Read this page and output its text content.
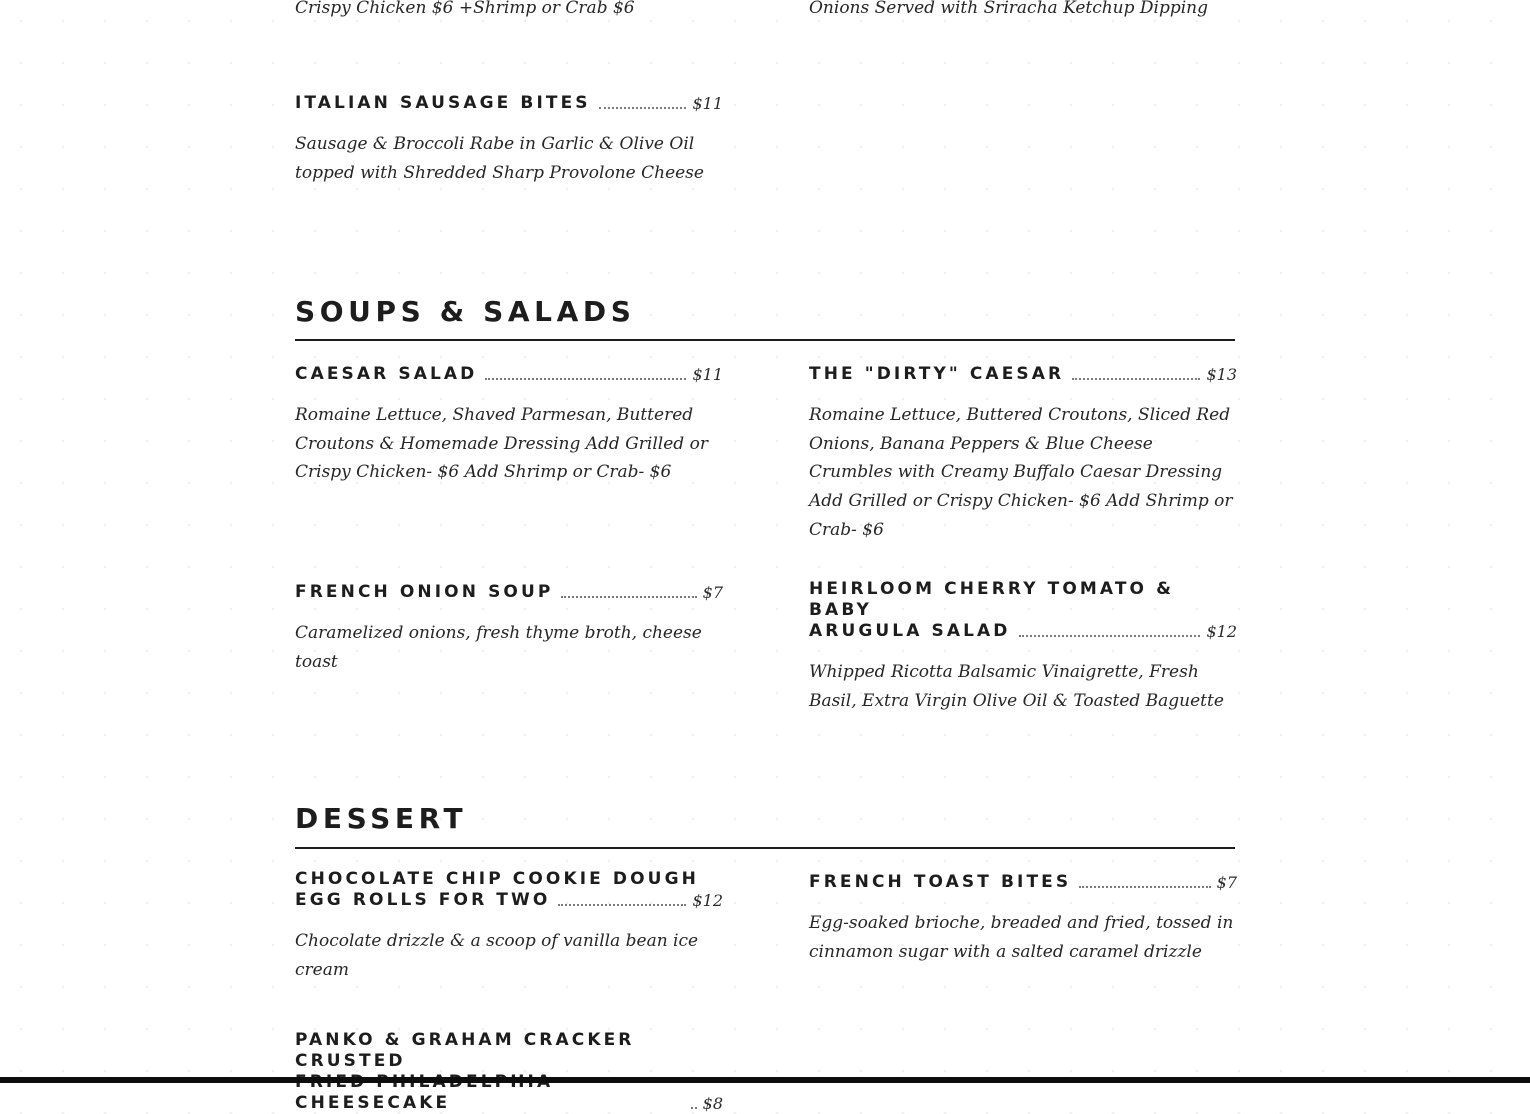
Crispy Chicken $6 +Shrimp or Crab $6	Onions Served with Sriracha Ketchup Dipping

ITALIAN SAUSAGE BITES	$11

Sausage & Broccoli Rabe in Garlic & Olive Oil topped with Shredded Sharp Provolone Cheese

SOUPS & SALADS
CAESAR SALAD	$11

Romaine Lettuce, Shaved Parmesan, Buttered Croutons & Homemade Dressing Add Grilled or Crispy Chicken- $6 Add Shrimp or Crab- $6

THE "DIRTY" CAESAR	$13

Romaine Lettuce, Buttered Croutons, Sliced Red Onions, Banana Peppers & Blue Cheese Crumbles with Creamy Buffalo Caesar Dressing Add Grilled or Crispy Chicken- $6 Add Shrimp or Crab- $6

FRENCH ONION SOUP	$7

Caramelized onions, fresh thyme broth, cheese toast

HEIRLOOM CHERRY TOMATO & BABY
ARUGULA SALAD	$12

Whipped Ricotta Balsamic Vinaigrette, Fresh Basil, Extra Virgin Olive Oil & Toasted Baguette

DESSERT
CHOCOLATE CHIP COOKIE DOUGH
EGG ROLLS FOR TWO	$12

Chocolate drizzle & a scoop of vanilla bean ice cream

FRENCH TOAST BITES	$7

Egg-soaked brioche, breaded and fried, tossed in cinnamon sugar with a salted caramel drizzle

PANKO & GRAHAM CRACKER CRUSTED
CHEESECAKE	$8
